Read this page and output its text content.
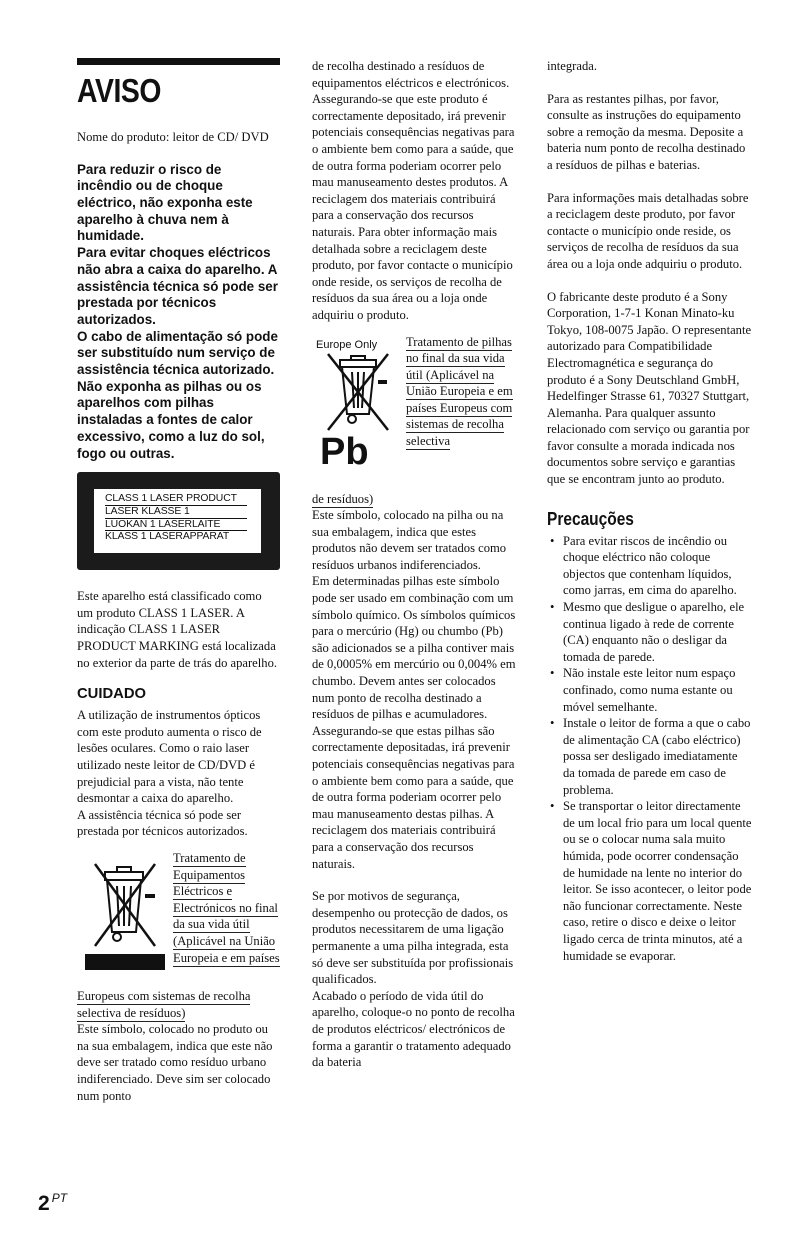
AVISO

Nome do produto: leitor de CD/ DVD

Para reduzir o risco de incêndio ou de choque eléctrico, não exponha este aparelho à chuva nem à humidade.
Para evitar choques eléctricos não abra a caixa do aparelho. A assistência técnica só pode ser prestada por técnicos autorizados.
O cabo de alimentação só pode ser substituído num serviço de assistência técnica autorizado.
Não exponha as pilhas ou os aparelhos com pilhas instaladas a fontes de calor excessivo, como a luz do sol, fogo ou outras.
CLASS 1 LASER PRODUCT
LASER KLASSE 1
LUOKAN 1 LASERLAITE
KLASS 1 LASERAPPARAT

Este aparelho está classificado como um produto CLASS 1 LASER. A indicação CLASS 1 LASER PRODUCT MARKING está localizada no exterior da parte de trás do aparelho.

CUIDADO

A utilização de instrumentos ópticos com este produto aumenta o risco de lesões oculares. Como o raio laser utilizado neste leitor de CD/DVD é prejudicial para a vista, não tente desmontar a caixa do aparelho.

A assistência técnica só pode ser prestada por técnicos autorizados.

Tratamento de Equipamentos Eléctricos e Electrónicos no final da sua vida útil (Aplicável na União Europeia e em países

Europeus com sistemas de recolha selectiva de resíduos)

Este símbolo, colocado no produto ou na sua embalagem, indica que este não deve ser tratado como resíduo urbano indiferenciado. Deve sim ser colocado num ponto

de recolha destinado a resíduos de equipamentos eléctricos e electrónicos. Assegurando-se que este produto é correctamente depositado, irá prevenir potenciais consequências negativas para o ambiente bem como para a saúde, que de outra forma poderiam ocorrer pelo mau manuseamento destes produtos. A reciclagem dos materiais contribuirá para a conservação dos recursos naturais. Para obter informação mais detalhada sobre a reciclagem deste produto, por favor contacte o município onde reside, os serviços de recolha de resíduos da sua área ou a loja onde adquiriu o produto.

Europe Only
Pb
Tratamento de pilhas no final da sua vida útil (Aplicável na União Europeia e em países Europeus com sistemas de recolha selectiva

de resíduos)

Este símbolo, colocado na pilha ou na sua embalagem, indica que estes produtos não devem ser tratados como resíduos urbanos indiferenciados.

Em determinadas pilhas este símbolo pode ser usado em combinação com um símbolo químico. Os símbolos químicos para o mercúrio (Hg) ou chumbo (Pb) são adicionados se a pilha contiver mais de 0,0005% em mercúrio ou 0,004% em chumbo. Devem antes ser colocados num ponto de recolha destinado a resíduos de pilhas e acumuladores. Assegurando-se que estas pilhas são correctamente depositadas, irá prevenir potenciais consequências negativas para o ambiente bem como para a saúde, que de outra forma poderiam ocorrer pelo mau manuseamento destas pilhas. A reciclagem dos materiais contribuirá para a conservação dos recursos naturais.

Se por motivos de segurança, desempenho ou protecção de dados, os produtos necessitarem de uma ligação permanente a uma pilha integrada, esta só deve ser substituída por profissionais qualificados.

Acabado o período de vida útil do aparelho, coloque-o no ponto de recolha de produtos eléctricos/ electrónicos de forma a garantir o tratamento adequado da bateria

integrada.

Para as restantes pilhas, por favor, consulte as instruções do equipamento sobre a remoção da mesma. Deposite a bateria num ponto de recolha destinado a resíduos de pilhas e baterias.

Para informações mais detalhadas sobre a reciclagem deste produto, por favor contacte o município onde reside, os serviços de recolha de resíduos da sua área ou a loja onde adquiriu o produto.

O fabricante deste produto é a Sony Corporation, 1-7-1 Konan Minato-ku Tokyo, 108-0075 Japão. O representante autorizado para Compatibilidade Electromagnética e segurança do produto é a Sony Deutschland GmbH, Hedelfinger Strasse 61, 70327 Stuttgart, Alemanha. Para qualquer assunto relacionado com serviço ou garantia por favor consulte a morada indicada nos documentos sobre serviço e garantias que se encontram junto ao produto.

Precauções
• Para evitar riscos de incêndio ou choque eléctrico não coloque objectos que contenham líquidos, como jarras, em cima do aparelho.
• Mesmo que desligue o aparelho, ele continua ligado à rede de corrente (CA) enquanto não o desligar da tomada de parede.
• Não instale este leitor num espaço confinado, como numa estante ou móvel semelhante.
• Instale o leitor de forma a que o cabo de alimentação CA (cabo eléctrico) possa ser desligado imediatamente da tomada de parede em caso de problema.
• Se transportar o leitor directamente de um local frio para um local quente ou se o colocar numa sala muito húmida, pode ocorrer condensação de humidade na lente no interior do leitor. Se isso acontecer, o leitor pode não funcionar correctamente. Neste caso, retire o disco e deixe o leitor ligado cerca de trinta minutos, até a humidade se evaporar.
2 $^{PT}$
